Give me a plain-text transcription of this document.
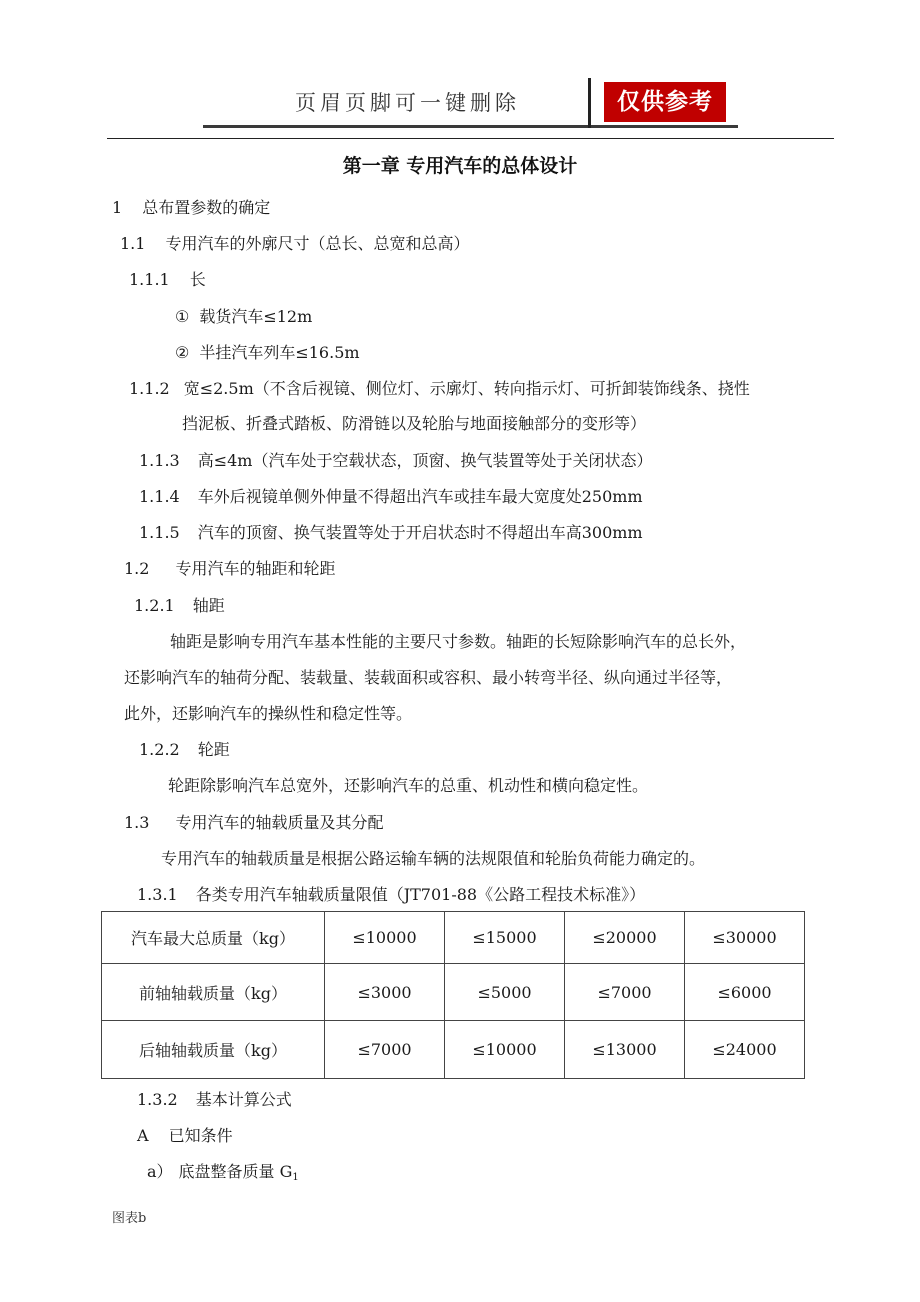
页眉页脚可一键删除	仅供参考
第一章 专用汽车的总体设计
1 总布置参数的确定
1.1 专用汽车的外廓尺寸（总长、总宽和总高）
1.1.1 长
① 载货汽车≤12m
② 半挂汽车列车≤16.5m
1.1.2 宽≤2.5m（不含后视镜、侧位灯、示廓灯、转向指示灯、可折卸装饰线条、挠性
挡泥板、折叠式踏板、防滑链以及轮胎与地面接触部分的变形等）
1.1.3 高≤4m（汽车处于空载状态，顶窗、换气装置等处于关闭状态）
1.1.4 车外后视镜单侧外伸量不得超出汽车或挂车最大宽度处250mm
1.1.5 汽车的顶窗、换气装置等处于开启状态时不得超出车高300mm
1.2 专用汽车的轴距和轮距
1.2.1 轴距
轴距是影响专用汽车基本性能的主要尺寸参数。轴距的长短除影响汽车的总长外，
还影响汽车的轴荷分配、装载量、装载面积或容积、最小转弯半径、纵向通过半径等，
此外，还影响汽车的操纵性和稳定性等。
1.2.2 轮距
轮距除影响汽车总宽外，还影响汽车的总重、机动性和横向稳定性。
1.3 专用汽车的轴载质量及其分配
专用汽车的轴载质量是根据公路运输车辆的法规限值和轮胎负荷能力确定的。
1.3.1 各类专用汽车轴载质量限值（JT701-88《公路工程技术标准》）
汽车最大总质量（kg）	≤10000	≤15000	≤20000	≤30000
前轴轴载质量（kg）	≤3000	≤5000	≤7000	≤6000
后轴轴载质量（kg）	≤7000	≤10000	≤13000	≤24000
1.3.2 基本计算公式
A 已知条件
a） 底盘整备质量 $G_1$
图表b
